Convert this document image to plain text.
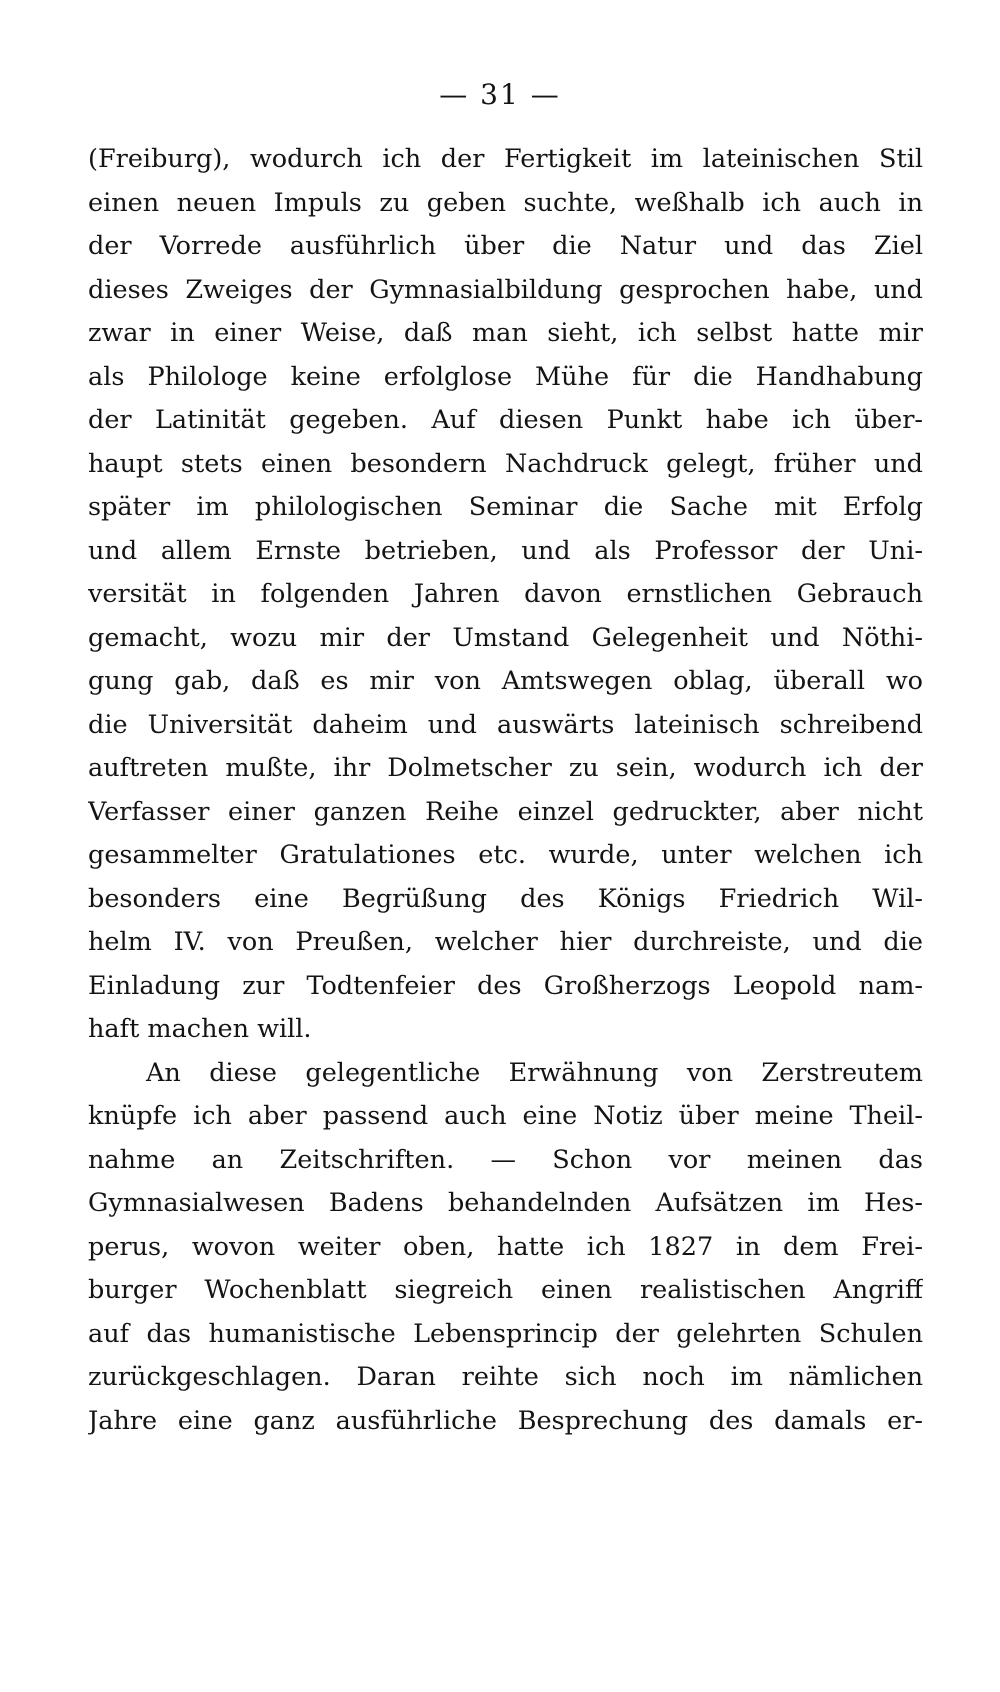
— 31 —
(Freiburg), wodurch ich der Fertigkeit im lateinischen Stil
einen neuen Impuls zu geben suchte, weßhalb ich auch in
der Vorrede ausführlich über die Natur und das Ziel
dieses Zweiges der Gymnasialbildung gesprochen habe, und
zwar in einer Weise, daß man sieht, ich selbst hatte mir
als Philologe keine erfolglose Mühe für die Handhabung
der Latinität gegeben. Auf diesen Punkt habe ich über-
haupt stets einen besondern Nachdruck gelegt, früher und
später im philologischen Seminar die Sache mit Erfolg
und allem Ernste betrieben, und als Professor der Uni-
versität in folgenden Jahren davon ernstlichen Gebrauch
gemacht, wozu mir der Umstand Gelegenheit und Nöthi-
gung gab, daß es mir von Amtswegen oblag, überall wo
die Universität daheim und auswärts lateinisch schreibend
auftreten mußte, ihr Dolmetscher zu sein, wodurch ich der
Verfasser einer ganzen Reihe einzel gedruckter, aber nicht
gesammelter Gratulationes etc. wurde, unter welchen ich
besonders eine Begrüßung des Königs Friedrich Wil-
helm IV. von Preußen, welcher hier durchreiste, und die
Einladung zur Todtenfeier des Großherzogs Leopold nam-
haft machen will.
An diese gelegentliche Erwähnung von Zerstreutem
knüpfe ich aber passend auch eine Notiz über meine Theil-
nahme an Zeitschriften. — Schon vor meinen das
Gymnasialwesen Badens behandelnden Aufsätzen im Hes-
perus, wovon weiter oben, hatte ich 1827 in dem Frei-
burger Wochenblatt siegreich einen realistischen Angriff
auf das humanistische Lebensprincip der gelehrten Schulen
zurückgeschlagen. Daran reihte sich noch im nämlichen
Jahre eine ganz ausführliche Besprechung des damals er-
